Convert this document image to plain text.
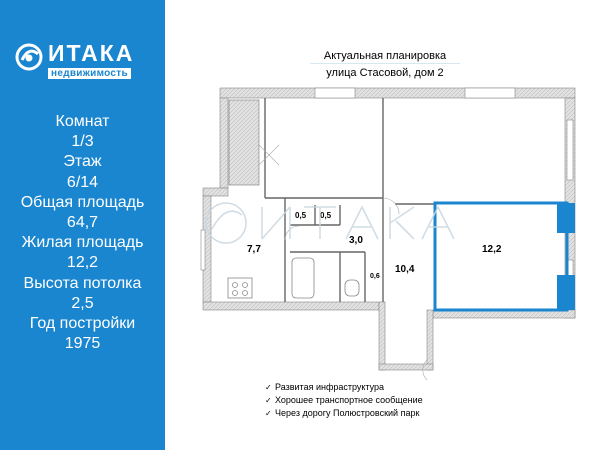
ИТАКА
недвижимость
Комнат
1/3
Этаж
6/14
Общая площадь
64,7
Жилая площадь
12,2
Высота потолка
2,5
Год постройки
1975
Актуальная планировка
улица Стасовой, дом 2
7,7
0,5 0,5
3,0
0,6
10,4
12,2
✓ Развитая инфраструктура
✓ Хорошее транспортное сообщение
✓ Через дорогу Полюстровский парк
